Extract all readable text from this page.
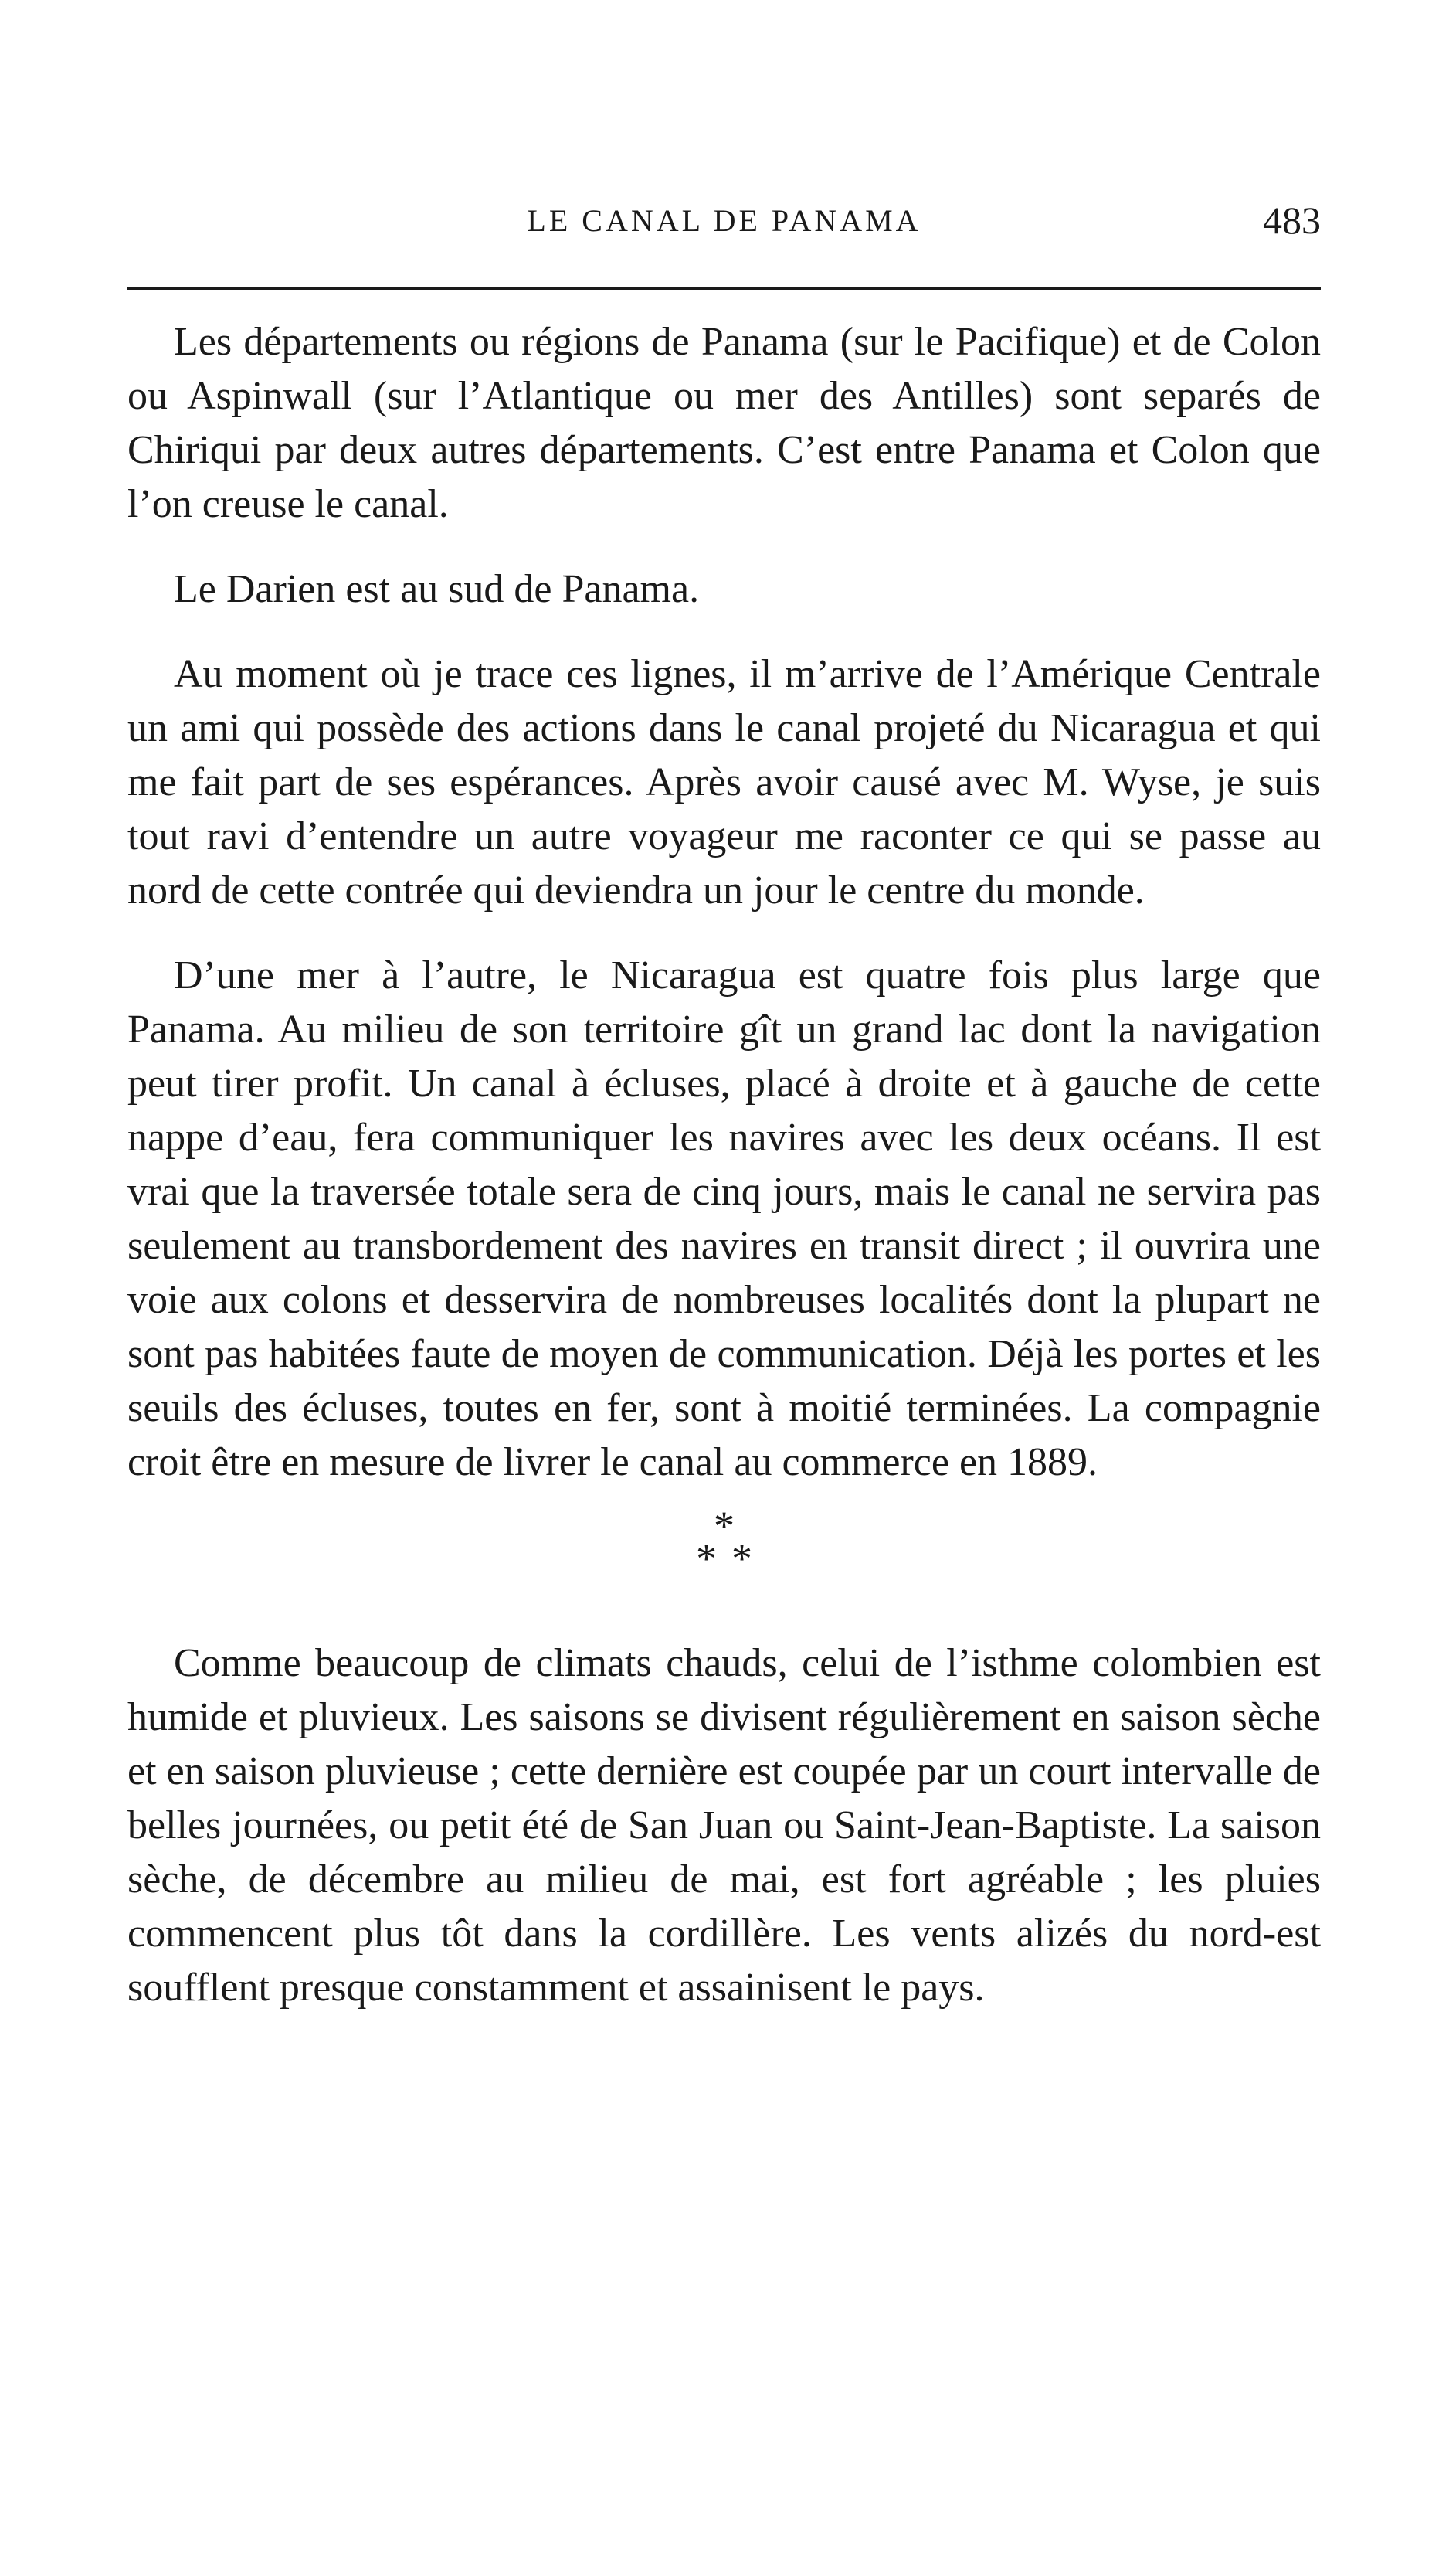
LE CANAL DE PANAMA	483

Les départements ou régions de Panama (sur le Pacifique) et de Colon ou Aspinwall (sur l’Atlantique ou mer des Antilles) sont separés de Chiriqui par deux autres départements. C’est entre Panama et Colon que l’on creuse le canal.

Le Darien est au sud de Panama.

Au moment où je trace ces lignes, il m’arrive de l’Amérique Centrale un ami qui possède des actions dans le canal projeté du Nicaragua et qui me fait part de ses espérances. Après avoir causé avec M. Wyse, je suis tout ravi d’entendre un autre voyageur me raconter ce qui se passe au nord de cette contrée qui deviendra un jour le centre du monde.

D’une mer à l’autre, le Nicaragua est quatre fois plus large que Panama. Au milieu de son territoire gît un grand lac dont la navigation peut tirer profit. Un canal à écluses, placé à droite et à gauche de cette nappe d’eau, fera communiquer les navires avec les deux océans. Il est vrai que la traversée totale sera de cinq jours, mais le canal ne servira pas seulement au transbordement des navires en transit direct ; il ouvrira une voie aux colons et desservira de nombreuses localités dont la plupart ne sont pas habitées faute de moyen de communication. Déjà les portes et les seuils des écluses, toutes en fer, sont à moitié terminées. La compagnie croit être en mesure de livrer le canal au commerce en 1889.

*
* *

Comme beaucoup de climats chauds, celui de l’isthme colombien est humide et pluvieux. Les saisons se divisent régulièrement en saison sèche et en saison pluvieuse ; cette dernière est coupée par un court intervalle de belles journées, ou petit été de San Juan ou Saint-Jean-Baptiste. La saison sèche, de décembre au milieu de mai, est fort agréable ; les pluies commencent plus tôt dans la cordillère. Les vents alizés du nord-est soufflent presque constamment et assainisent le pays.
